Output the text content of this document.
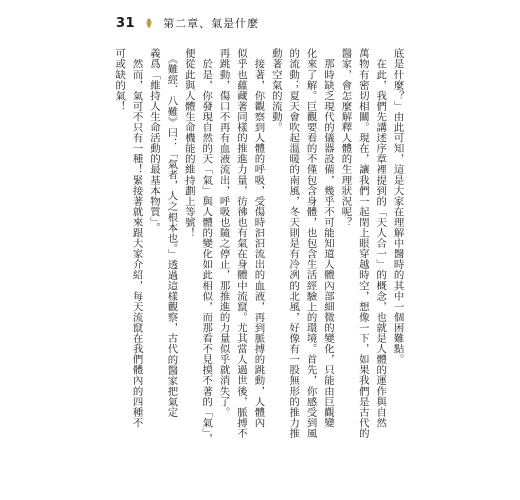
31	第二章、氣是什麼
底是什麼？」由此可知，這是大家在理解中醫時的其中一個困難點。
　在此，我們先講述序章裡提到的「天人合一」的概念，也就是人體的運作與自然
萬物有密切相關。現在，讓我們一起閉上眼穿越時空，想像一下，如果我們是古代的
醫家，會怎麼解釋人體的生理狀況呢？
　那時缺乏現代的儀器設備，幾乎不可能知道人體內部細微的變化，只能由巨觀變
化來了解。巨觀要看的不僅包含身體，也包含生活經驗上的環境。首先，你感受到風
的流動；夏天會吹起溫暖的南風，冬天則是有冷冽的北風，好像有一股無形的推力推
動著空氣的流動。
　接著，你觀察到人體的呼吸，受傷時汩汩流出的血液，再到脈搏的跳動，人體內
似乎也蘊藏著同樣的推進力量，彷彿也有氣在身體中流竄。尤其當人過世後，脈搏不
再跳動，傷口不再有血液流出，呼吸也隨之停止，那推進的力量似乎就消失了。
　於是，你發現自然的天「氣」與人體的變化如此相似，而那看不見摸不著的「氣」，
便從此與人體生命機能的維持劃上等號！
　《難經．八難》曰：「氣者，人之根本也。」透過這樣觀察，古代的醫家把氣定
義爲「維持人生命活動的最基本物質」。
　然而，氣可不只有一種！緊接著就來跟大家介紹，每天流竄在我們體內的四種不
可或缺的氣！
